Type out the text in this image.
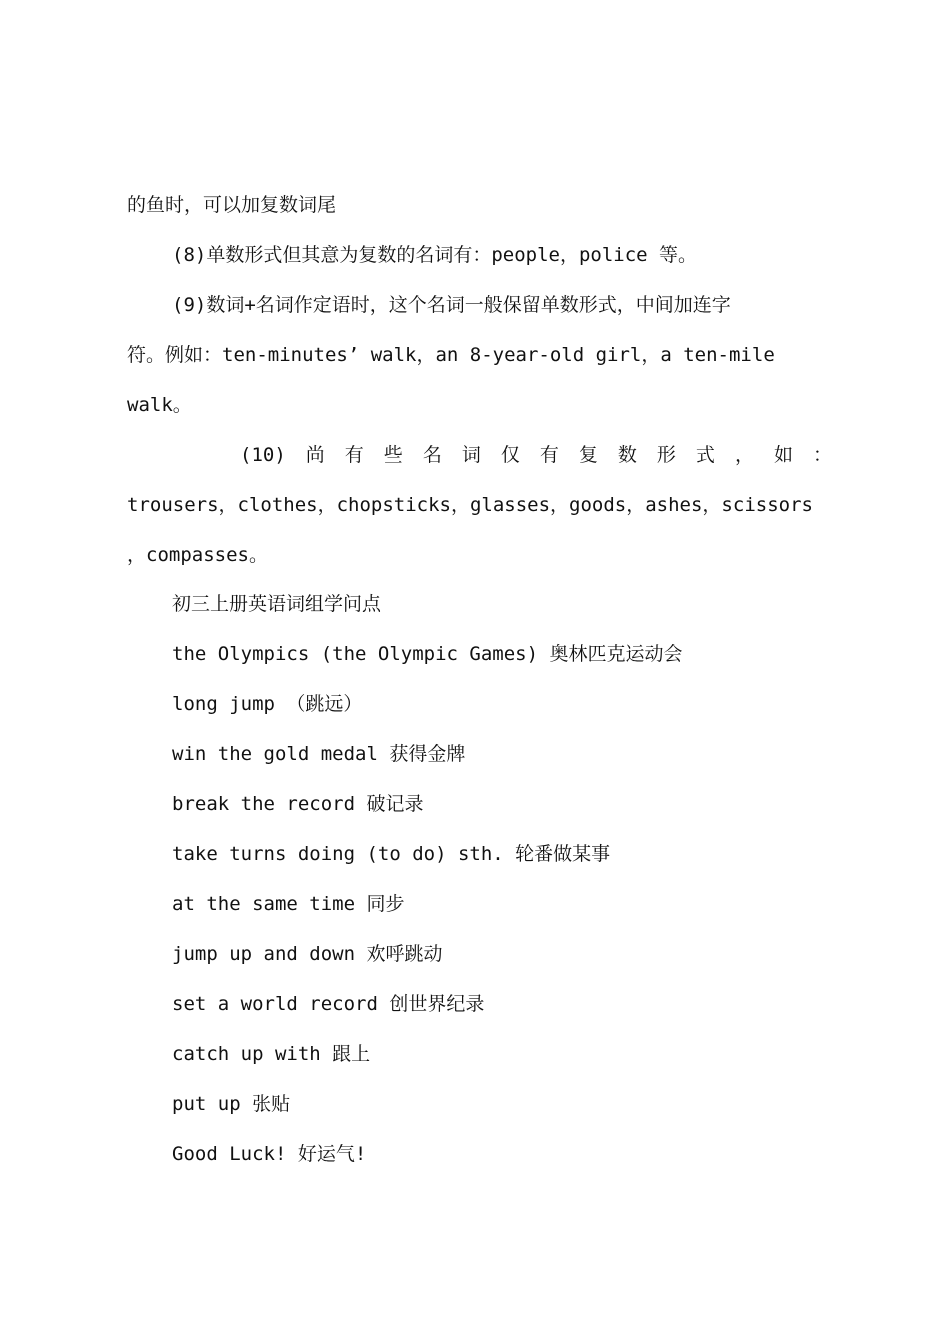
的鱼时，可以加复数词尾
(8)单数形式但其意为复数的名词有：people，police 等。
(9)数词+名词作定语时，这个名词一般保留单数形式，中间加连字
符。例如：ten-minutes’ walk，an 8-year-old girl，a ten-mile
walk。
(10) 尚 有 些 名 词 仅 有 复 数 形 式 ， 如 ：
trousers，clothes，chopsticks，glasses，goods，ashes，scissors
，compasses。
初三上册英语词组学问点
the Olympics (the Olympic Games) 奥林匹克运动会
long jump （跳远）
win the gold medal 获得金牌
break the record 破记录
take turns doing (to do) sth. 轮番做某事
at the same time 同步
jump up and down 欢呼跳动
set a world record 创世界纪录
catch up with 跟上
put up 张贴
Good Luck! 好运气!
